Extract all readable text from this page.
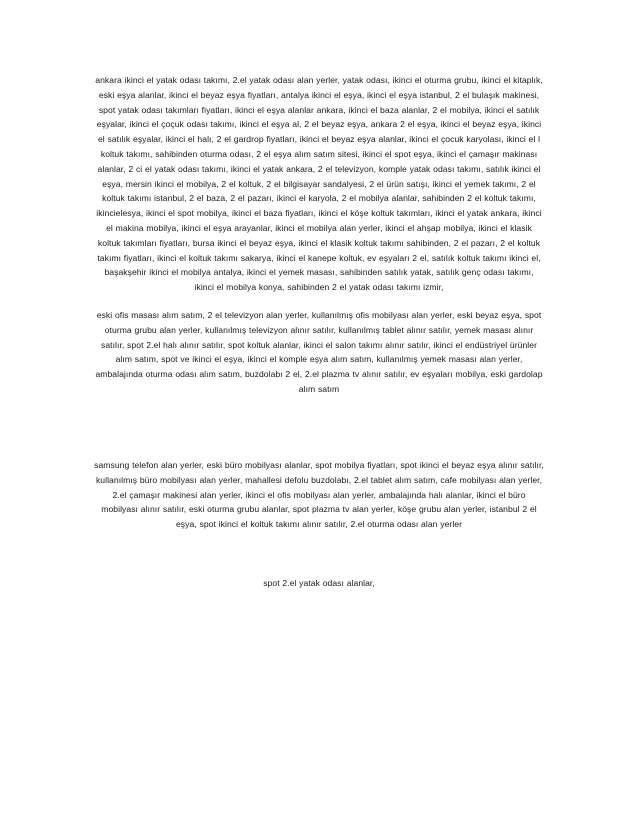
ankara ikinci el yatak odası takımı, 2.el yatak odası alan yerler, yatak odası, ikinci el oturma grubu, ikinci el kitaplık, eski eşya alanlar, ikinci el beyaz eşya fiyatları, antalya ikinci el eşya, ikinci el eşya istanbul, 2 el bulaşık makinesi, spot yatak odası takımları fiyatları, ikinci el eşya alanlar ankara, ikinci el baza alanlar, 2 el mobilya, ikinci el satılık eşyalar, ikinci el çoçuk odası takımı, ikinci el eşya al, 2 el beyaz eşya, ankara 2 el eşya, ikinci el beyaz eşya, ikinci el satılık eşyalar, ikinci el halı, 2 el gardrop fiyatları, ikinci el beyaz eşya alanlar, ikinci el çocuk karyolası, ikinci el l koltuk takımı, sahibinden oturma odası, 2 el eşya alım satım sitesi, ikinci el spot eşya, ikinci el çamaşır makinası alanlar, 2 ci el yatak odası takımı, ikinci el yatak ankara, 2 el televizyon, komple yatak odası takımı, satılık ikinci el eşya, mersin ikinci el mobilya, 2 el koltuk, 2 el bilgisayar sandalyesi, 2 el ürün satışı, ikinci el yemek takımı, 2 el koltuk takımı istanbul, 2 el baza, 2 el pazarı, ikinci el karyola, 2 el mobilya alanlar, sahibinden 2 el koltuk takımı, ikincielesya, ikinci el spot mobilya, ikinci el baza fiyatları, ikinci el köşe koltuk takımları, ikinci el yatak ankara, ikinci el makina mobilya, ikinci el eşya arayanlar, ikinci el mobilya alan yerler, ikinci el ahşap mobilya, ikinci el klasik koltuk takımları fiyatları, bursa ikinci el beyaz eşya, ikinci el klasik koltuk takımı sahibinden, 2 el pazarı, 2 el koltuk takımı fiyatları, ikinci el koltuk takımı sakarya, ikinci el kanepe koltuk, ev eşyaları 2 el, satılık koltuk takımı ikinci el, başakşehir ikinci el mobilya antalya, ikinci el yemek masası, sahibinden satılık yatak, satılık genç odası takımı, ikinci el mobilya konya, sahibinden 2 el yatak odası takımı izmir,

eski ofis masası alım satım, 2 el televizyon alan yerler, kullanılmış ofis mobilyası alan yerler, eski beyaz eşya, spot oturma grubu alan yerler, kullanılmış televizyon alınır satılır, kullanılmış tablet alınır satılır, yemek masası alınır satılır, spot 2.el halı alınır satılır, spot koltuk alanlar, ikinci el salon takımı alınır satılır, ikinci el endüstriyel ürünler alım satım, spot ve ikinci el eşya, ikinci el komple eşya alım satım, kullanılmış yemek masası alan yerler, ambalajında oturma odası alım satım, buzdolabı 2 el, 2.el plazma tv alınır satılır, ev eşyaları mobilya, eski gardolap alım satım

samsung telefon alan yerler, eski büro mobilyası alanlar, spot mobilya fiyatları, spot ikinci el beyaz eşya alınır satılır, kullanılmış büro mobilyası alan yerler, mahallesi defolu buzdolabı, 2.el tablet alım satım, cafe mobilyası alan yerler, 2.el çamaşır makinesi alan yerler, ikinci el ofis mobilyası alan yerler, ambalajında halı alanlar, ikinci el büro mobilyası alınır satılır, eski oturma grubu alanlar, spot plazma tv alan yerler, köşe grubu alan yerler, istanbul 2 el eşya, spot ikinci el koltuk takımı alınır satılır, 2.el oturma odası alan yerler

spot 2.el yatak odası alanlar,
